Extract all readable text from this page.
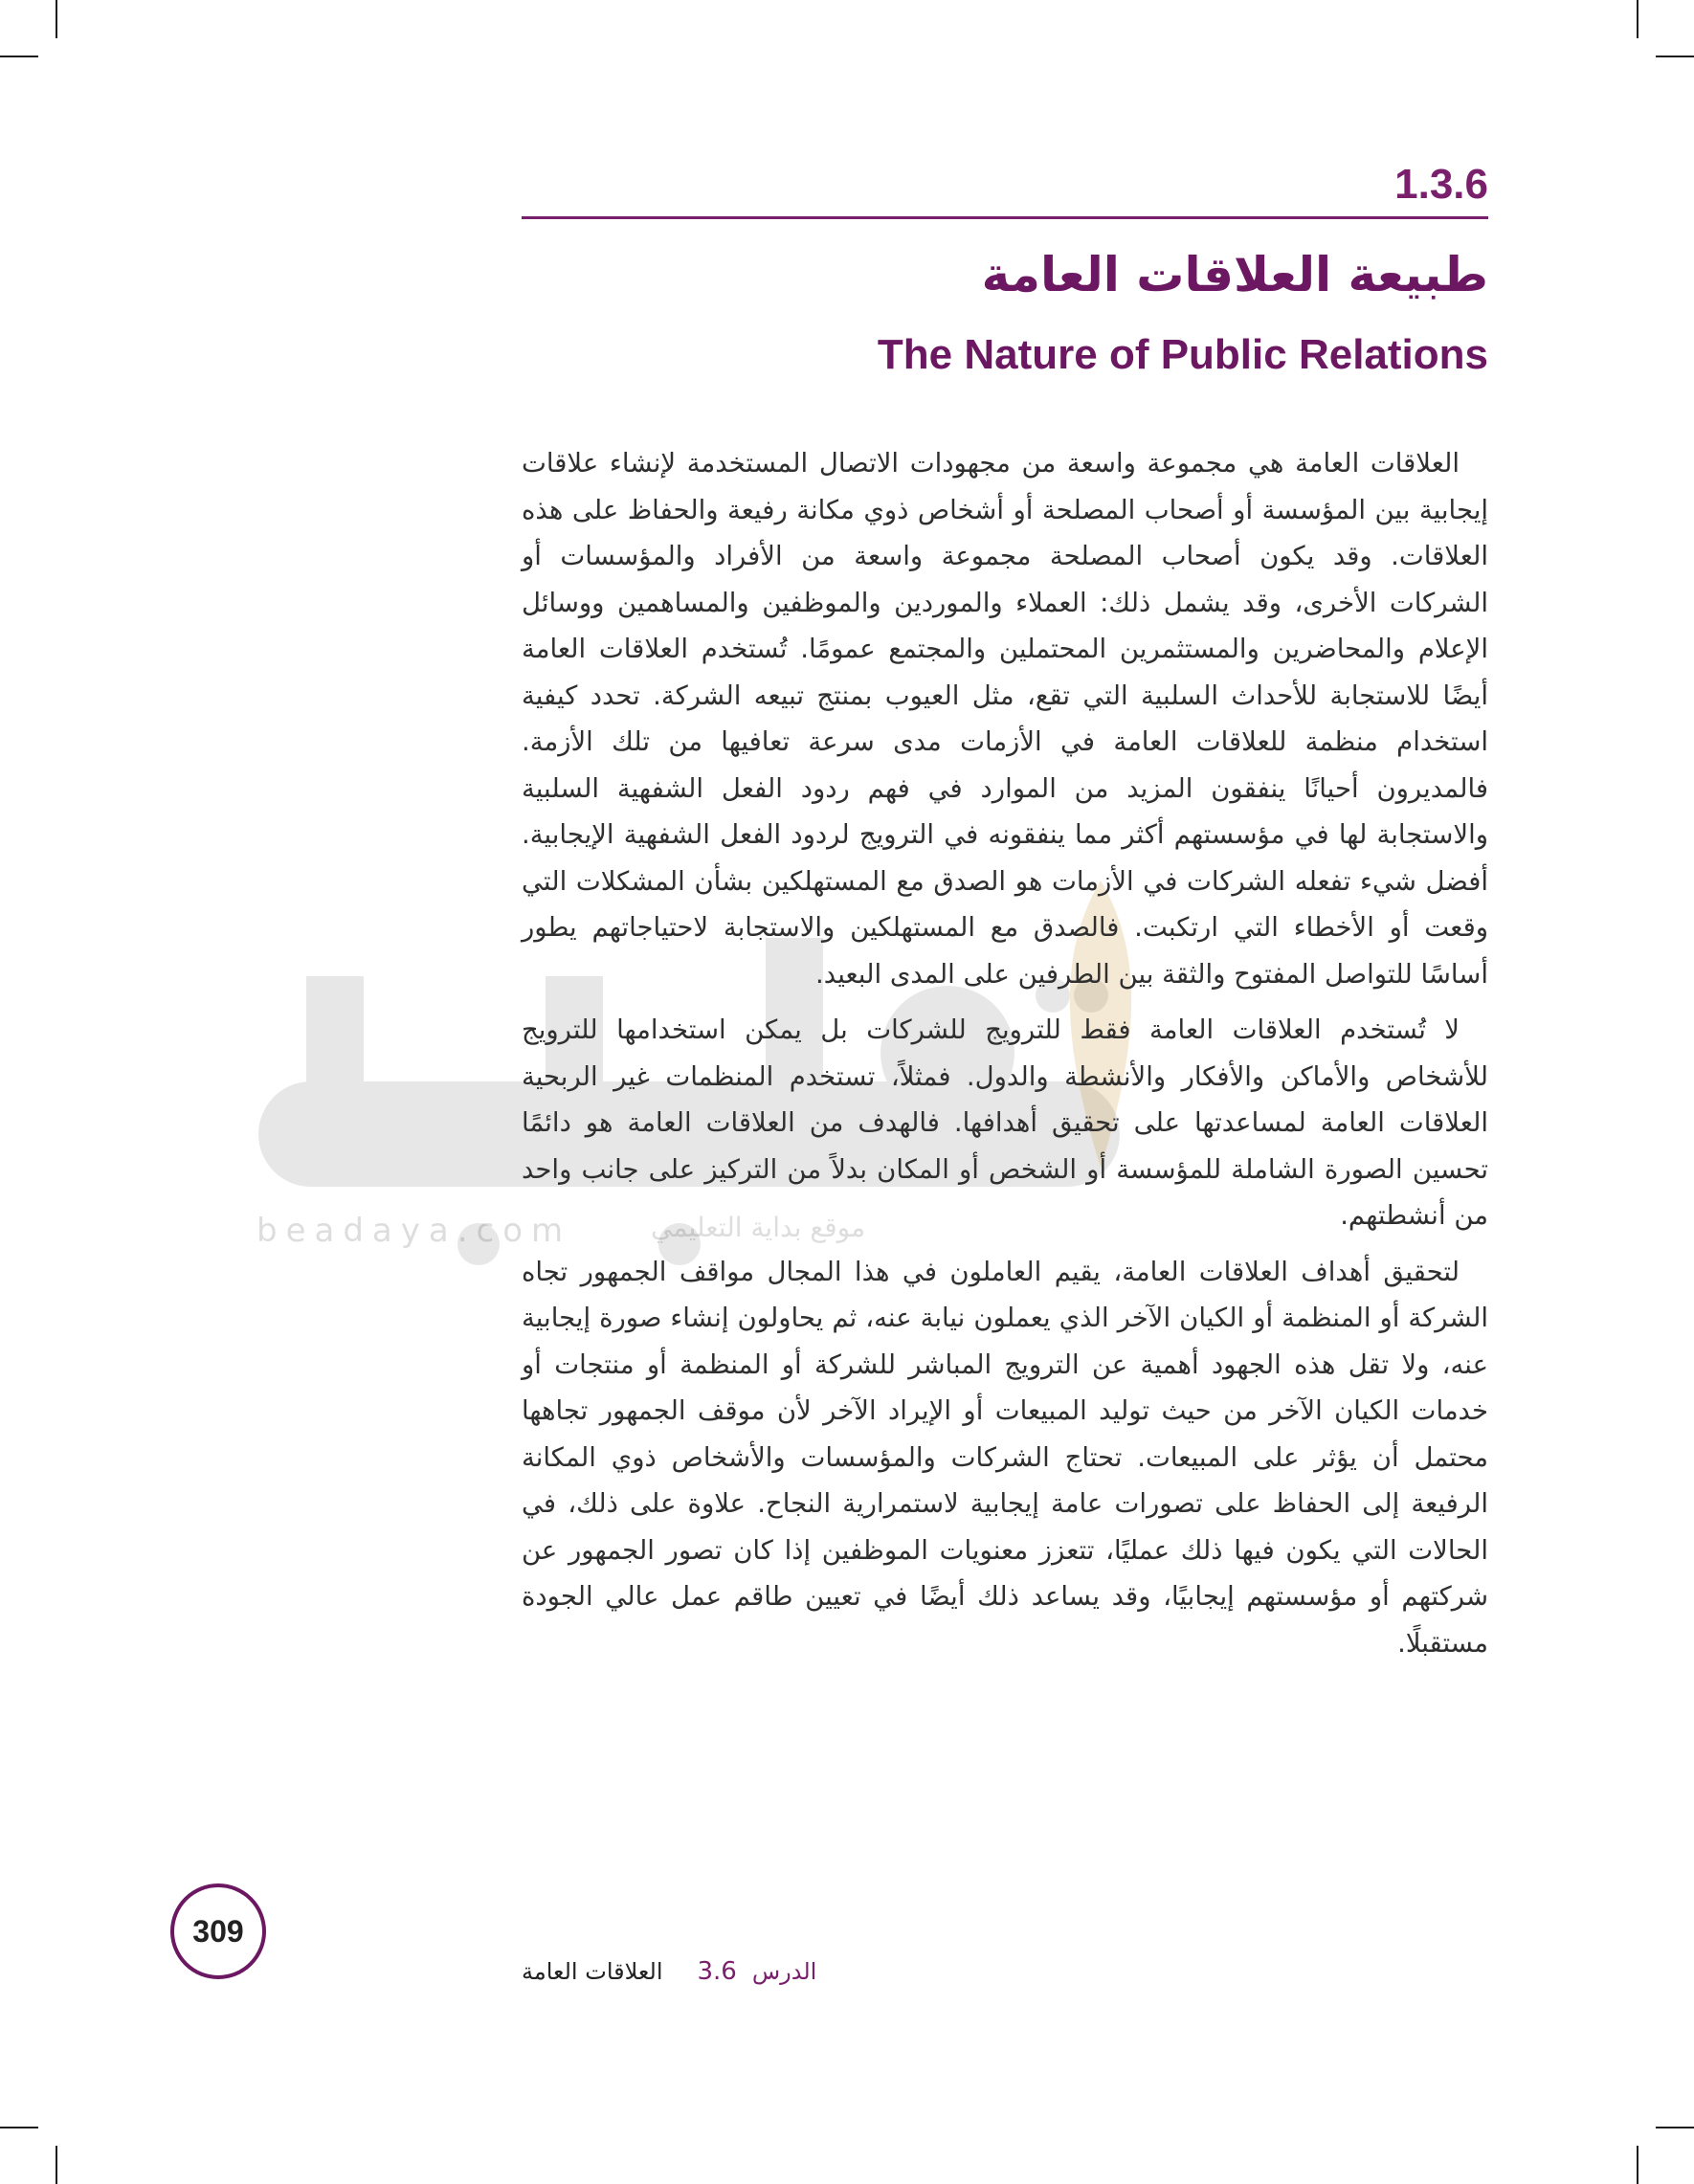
beadaya.com	موقع بداية التعليمي
1.3.6
طبيعة العلاقات العامة
The Nature of Public Relations

العلاقات العامة هي مجموعة واسعة من مجهودات الاتصال المستخدمة لإنشاء علاقات إيجابية بين المؤسسة أو أصحاب المصلحة أو أشخاص ذوي مكانة رفيعة والحفاظ على هذه العلاقات. وقد يكون أصحاب المصلحة مجموعة واسعة من الأفراد والمؤسسات أو الشركات الأخرى، وقد يشمل ذلك: العملاء والموردين والموظفين والمساهمين ووسائل الإعلام والمحاضرين والمستثمرين المحتملين والمجتمع عمومًا. تُستخدم العلاقات العامة أيضًا للاستجابة للأحداث السلبية التي تقع، مثل العيوب بمنتج تبيعه الشركة. تحدد كيفية استخدام منظمة للعلاقات العامة في الأزمات مدى سرعة تعافيها من تلك الأزمة. فالمديرون أحيانًا ينفقون المزيد من الموارد في فهم ردود الفعل الشفهية السلبية والاستجابة لها في مؤسستهم أكثر مما ينفقونه في الترويج لردود الفعل الشفهية الإيجابية. أفضل شيء تفعله الشركات في الأزمات هو الصدق مع المستهلكين بشأن المشكلات التي وقعت أو الأخطاء التي ارتكبت. فالصدق مع المستهلكين والاستجابة لاحتياجاتهم يطور أساسًا للتواصل المفتوح والثقة بين الطرفين على المدى البعيد.

لا تُستخدم العلاقات العامة فقط للترويج للشركات بل يمكن استخدامها للترويج للأشخاص والأماكن والأفكار والأنشطة والدول. فمثلاً، تستخدم المنظمات غير الربحية العلاقات العامة لمساعدتها على تحقيق أهدافها. فالهدف من العلاقات العامة هو دائمًا تحسين الصورة الشاملة للمؤسسة أو الشخص أو المكان بدلاً من التركيز على جانب واحد من أنشطتهم.

لتحقيق أهداف العلاقات العامة، يقيم العاملون في هذا المجال مواقف الجمهور تجاه الشركة أو المنظمة أو الكيان الآخر الذي يعملون نيابة عنه، ثم يحاولون إنشاء صورة إيجابية عنه، ولا تقل هذه الجهود أهمية عن الترويج المباشر للشركة أو المنظمة أو منتجات أو خدمات الكيان الآخر من حيث توليد المبيعات أو الإيراد الآخر لأن موقف الجمهور تجاهها محتمل أن يؤثر على المبيعات. تحتاج الشركات والمؤسسات والأشخاص ذوي المكانة الرفيعة إلى الحفاظ على تصورات عامة إيجابية لاستمرارية النجاح. علاوة على ذلك، في الحالات التي يكون فيها ذلك عمليًا، تتعزز معنويات الموظفين إذا كان تصور الجمهور عن شركتهم أو مؤسستهم إيجابيًا، وقد يساعد ذلك أيضًا في تعيين طاقم عمل عالي الجودة مستقبلًا.

309
الدرس
3.6
العلاقات العامة
